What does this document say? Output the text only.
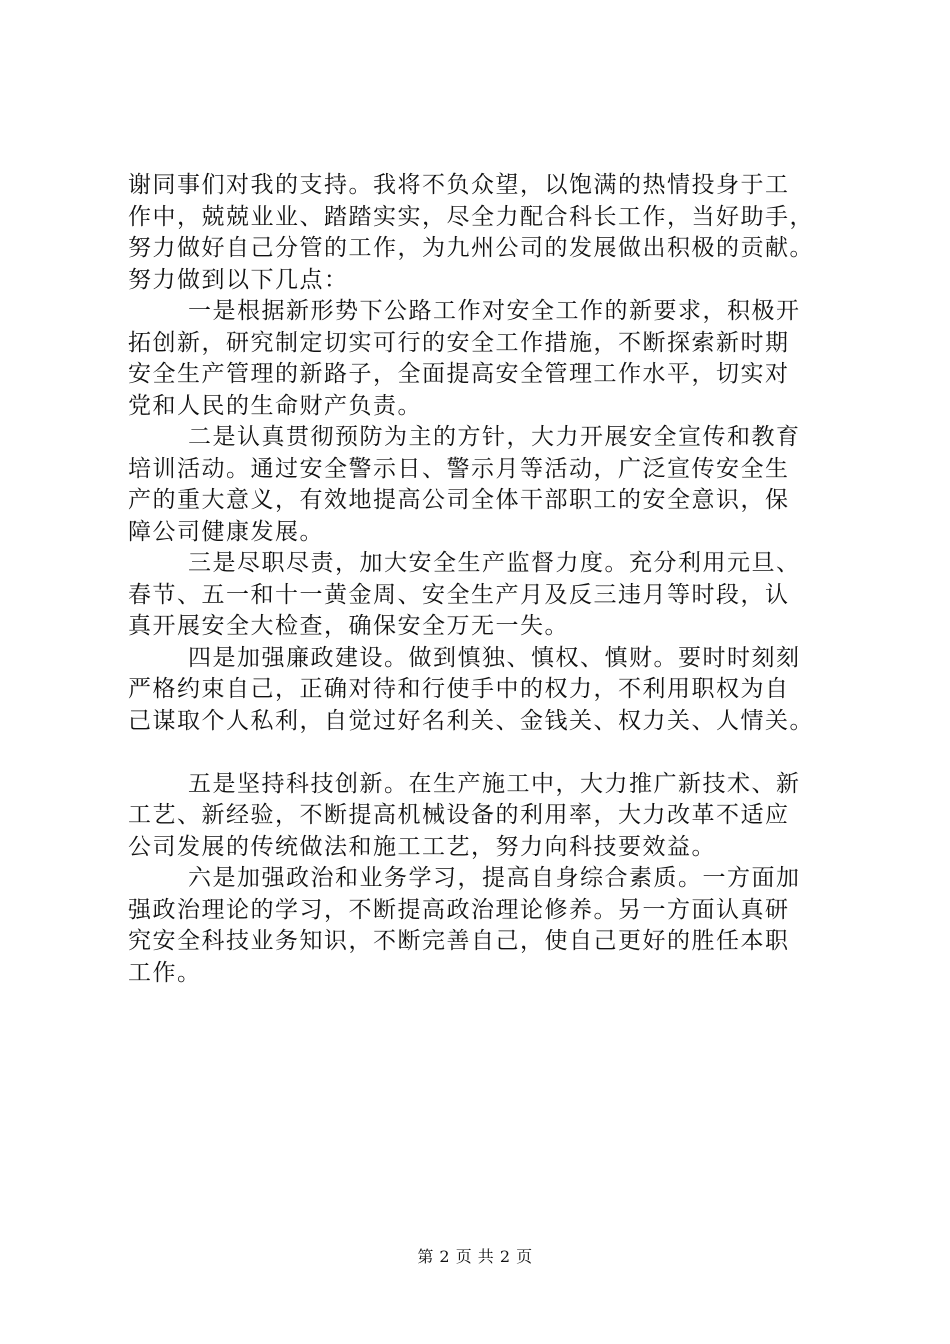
谢同事们对我的支持。我将不负众望，以饱满的热情投身于工
作中，兢兢业业、踏踏实实，尽全力配合科长工作，当好助手，
努力做好自己分管的工作，为九州公司的发展做出积极的贡献。
努力做到以下几点：
一是根据新形势下公路工作对安全工作的新要求，积极开
拓创新，研究制定切实可行的安全工作措施，不断探索新时期
安全生产管理的新路子，全面提高安全管理工作水平，切实对
党和人民的生命财产负责。
二是认真贯彻预防为主的方针，大力开展安全宣传和教育
培训活动。通过安全警示日、警示月等活动，广泛宣传安全生
产的重大意义，有效地提高公司全体干部职工的安全意识，保
障公司健康发展。
三是尽职尽责，加大安全生产监督力度。充分利用元旦、
春节、五一和十一黄金周、安全生产月及反三违月等时段，认
真开展安全大检查，确保安全万无一失。
四是加强廉政建设。做到慎独、慎权、慎财。要时时刻刻
严格约束自己，正确对待和行使手中的权力，不利用职权为自
己谋取个人私利，自觉过好名利关、金钱关、权力关、人情关。
五是坚持科技创新。在生产施工中，大力推广新技术、新
工艺、新经验，不断提高机械设备的利用率，大力改革不适应
公司发展的传统做法和施工工艺，努力向科技要效益。
六是加强政治和业务学习，提高自身综合素质。一方面加
强政治理论的学习，不断提高政治理论修养。另一方面认真研
究安全科技业务知识，不断完善自己，使自己更好的胜任本职
工作。
第 2 页 共 2 页
